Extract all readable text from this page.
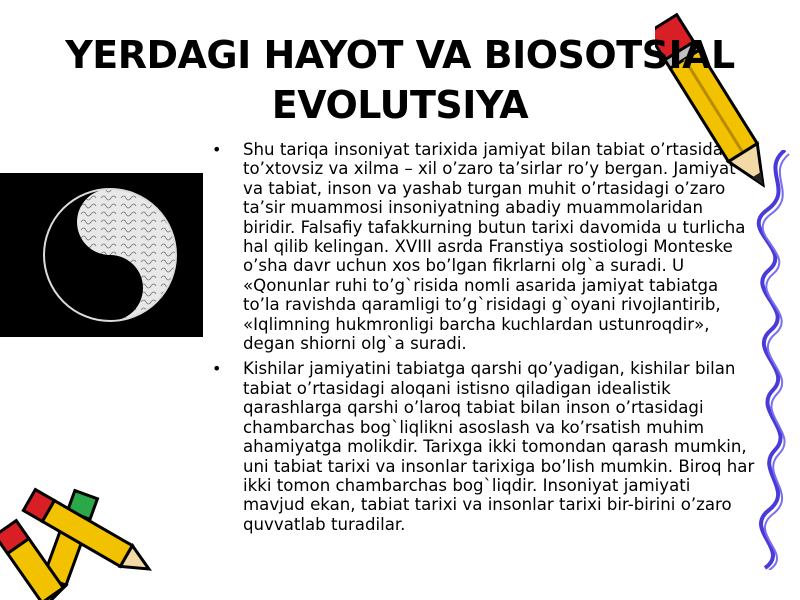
YERDAGI HAYOT VA BIOSOTSIAL EVOLUTSIYA
• Shu tariqa insoniyat tarixida jamiyat bilan tabiat o’rtasida to’xtovsiz va xilma – xil o’zaro ta’sirlar ro’y bergan. Jamiyat va tabiat, inson va yashab turgan muhit o’rtasidagi o’zaro ta’sir muammosi insoniyatning abadiy muammolaridan biridir. Falsafiy tafakkurning butun tarixi davomida u turlicha hal qilib kelingan. XVIII asrda Franstiya sostiologi Monteske o’sha davr uchun xos bo’lgan fikrlarni olg`a suradi. U «Qonunlar ruhi to’g`risida nomli asarida jamiyat tabiatga to’la ravishda qaramligi to’g`risidagi g`oyani rivojlantirib, «Iqlimning hukmronligi barcha kuchlardan ustunroqdir», degan shiorni olg`a suradi.
• Kishilar jamiyatini tabiatga qarshi qo’yadigan, kishilar bilan tabiat o’rtasidagi aloqani istisno qiladigan idealistik qarashlarga qarshi o’laroq tabiat bilan inson o’rtasidagi chambarchas bog`liqlikni asoslash va ko’rsatish muhim ahamiyatga molikdir. Tarixga ikki tomondan qarash mumkin, uni tabiat tarixi va insonlar tarixiga bo’lish mumkin. Biroq har ikki tomon chambarchas bog`liqdir. Insoniyat jamiyati mavjud ekan, tabiat tarixi va insonlar tarixi bir-birini o’zaro quvvatlab turadilar.
